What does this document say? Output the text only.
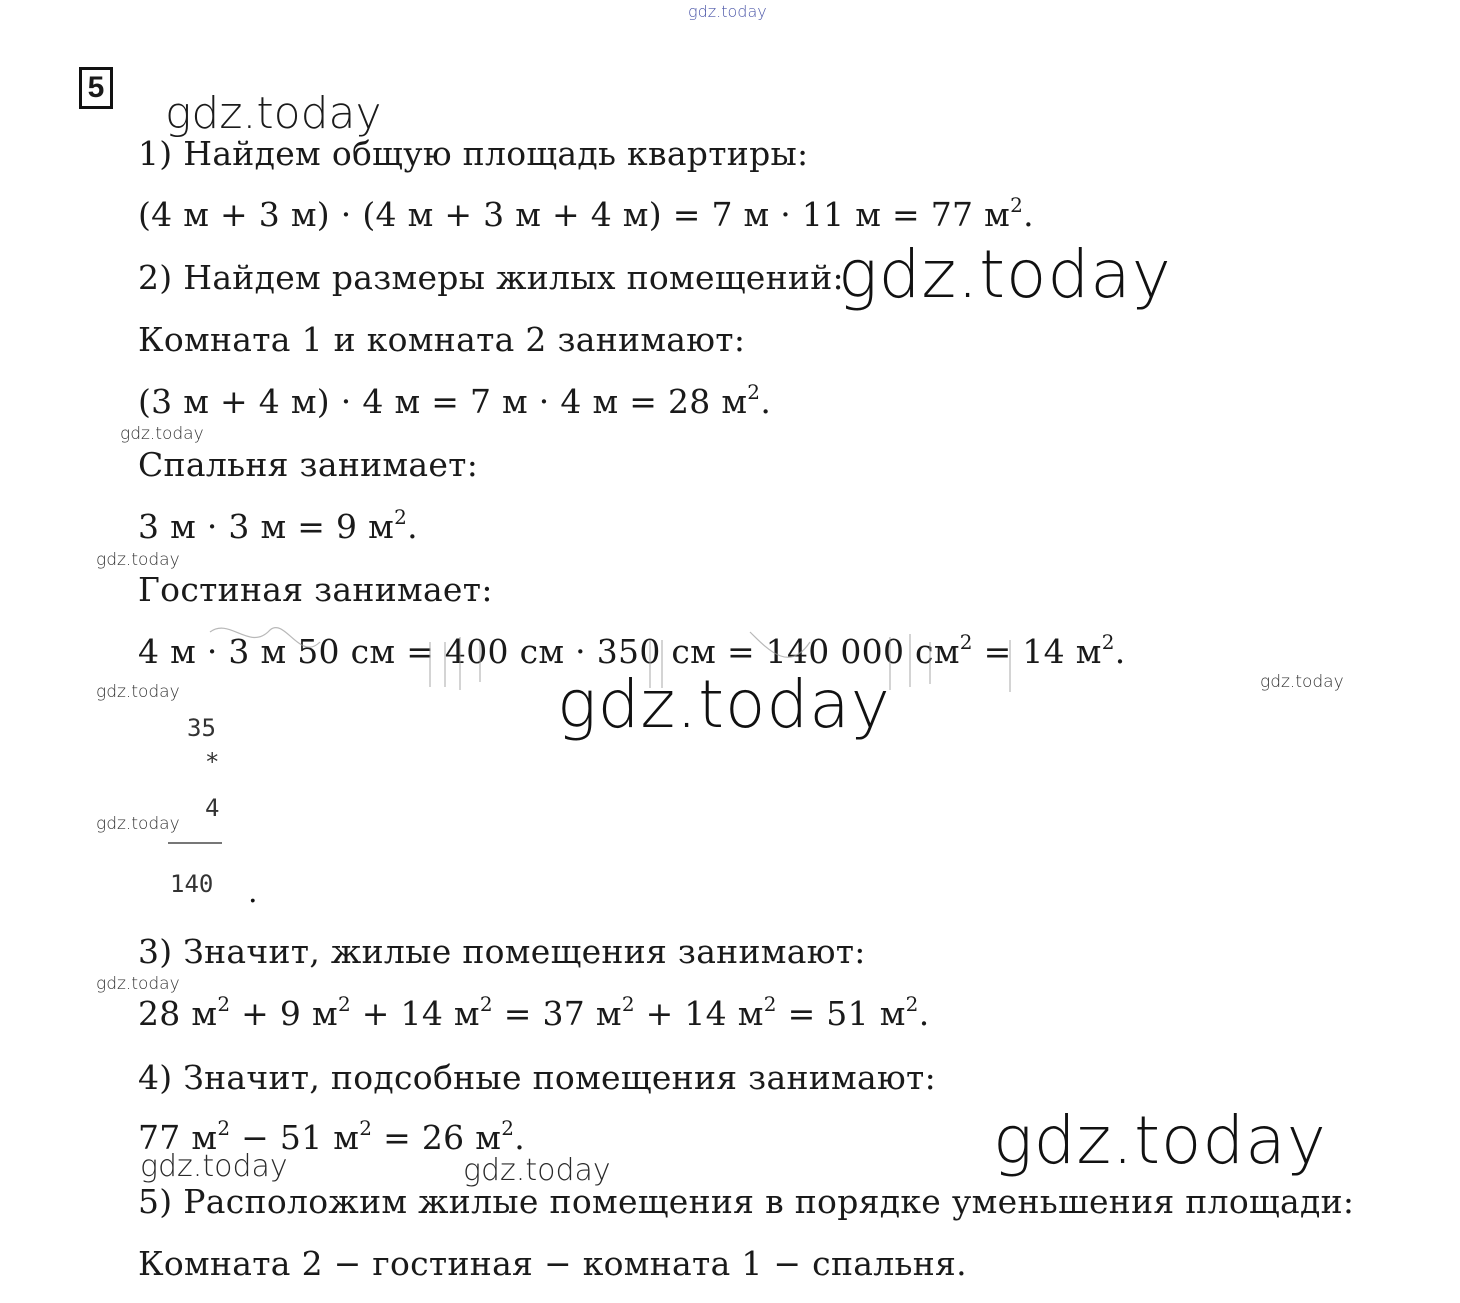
gdz.today
5
gdz.today
gdz.today
gdz.today
gdz.today
gdz.today	gdz.today
gdz.today
gdz.today
gdz.today
gdz.today
gdz.today	gdz.today
1) Найдем общую площадь квартиры:
(4 м + 3 м) · (4 м + 3 м + 4 м) = 7 м · 11 м = 77 $м^2$.
2) Найдем размеры жилых помещений:
Комната 1 и комната 2 занимают:
(3 м + 4 м) · 4 м = 7 м · 4 м = 28 $м^2$.
Спальня занимает:
3 м · 3 м = 9 $м^2$.
Гостиная занимает:
4 м · 3 м 50 см = 400 см · 350 см = 140 000 $см^2 = 14$ $м^2$.
35
*
4
140 .
3) Значит, жилые помещения занимают:
28 $м^2 + 9$ $м^2 + 14$ $м^2 = 37$ $м^2 + 14$ $м^2 = 51$ $м^2$.
4) Значит, подсобные помещения занимают:
77 $м^2 - 51$ $м^2 = 26$ $м^2$.
5) Расположим жилые помещения в порядке уменьшения площади:
Комната 2 − гостиная − комната 1 − спальня.
